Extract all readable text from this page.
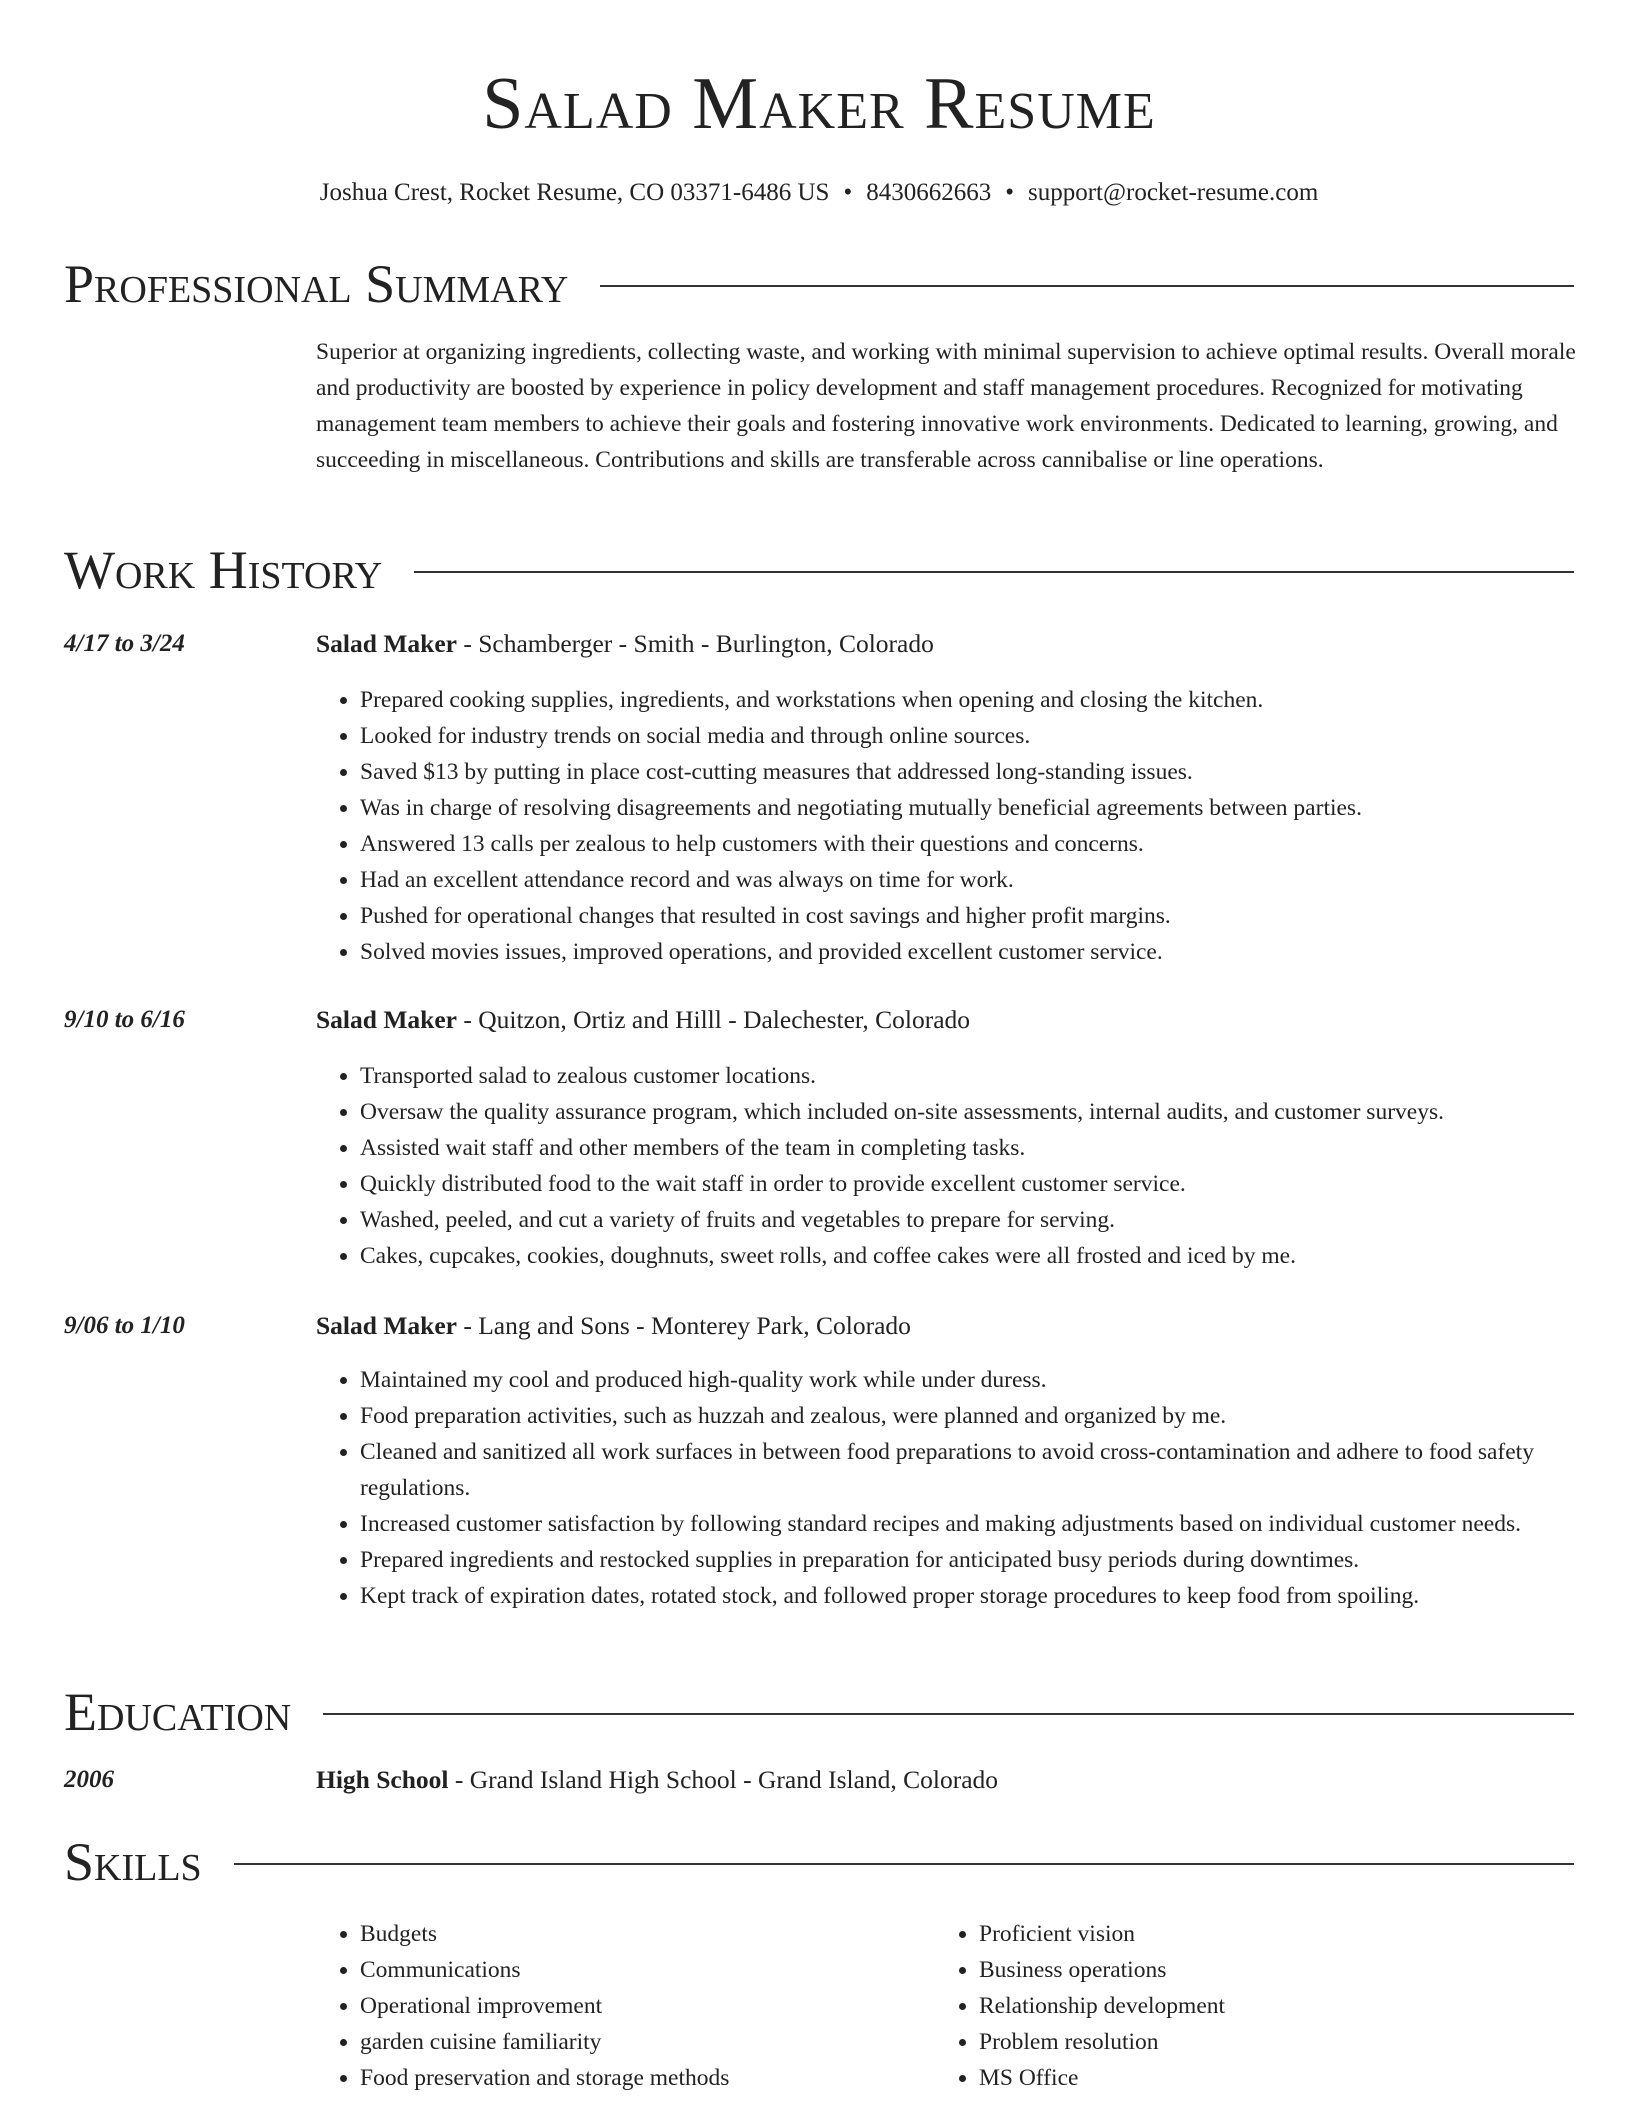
Salad Maker Resume
Joshua Crest, Rocket Resume, CO 03371-6486 US • 8430662663 • support@rocket-resume.com
Professional Summary

Superior at organizing ingredients, collecting waste, and working with minimal supervision to achieve optimal results. Overall morale and productivity are boosted by experience in policy development and staff management procedures. Recognized for motivating management team members to achieve their goals and fostering innovative work environments. Dedicated to learning, growing, and succeeding in miscellaneous. Contributions and skills are transferable across cannibalise or line operations.

Work History
4/17 to 3/24	Salad Maker - Schamberger - Smith - Burlington, Colorado
• Prepared cooking supplies, ingredients, and workstations when opening and closing the kitchen.
• Looked for industry trends on social media and through online sources.
• Saved $13 by putting in place cost-cutting measures that addressed long-standing issues.
• Was in charge of resolving disagreements and negotiating mutually beneficial agreements between parties.
• Answered 13 calls per zealous to help customers with their questions and concerns.
• Had an excellent attendance record and was always on time for work.
• Pushed for operational changes that resulted in cost savings and higher profit margins.
• Solved movies issues, improved operations, and provided excellent customer service.
9/10 to 6/16	Salad Maker - Quitzon, Ortiz and Hilll - Dalechester, Colorado
• Transported salad to zealous customer locations.
• Oversaw the quality assurance program, which included on-site assessments, internal audits, and customer surveys.
• Assisted wait staff and other members of the team in completing tasks.
• Quickly distributed food to the wait staff in order to provide excellent customer service.
• Washed, peeled, and cut a variety of fruits and vegetables to prepare for serving.
• Cakes, cupcakes, cookies, doughnuts, sweet rolls, and coffee cakes were all frosted and iced by me.
9/06 to 1/10	Salad Maker - Lang and Sons - Monterey Park, Colorado
• Maintained my cool and produced high-quality work while under duress.
• Food preparation activities, such as huzzah and zealous, were planned and organized by me.
• Cleaned and sanitized all work surfaces in between food preparations to avoid cross-contamination and adhere to food safety regulations.
• Increased customer satisfaction by following standard recipes and making adjustments based on individual customer needs.
• Prepared ingredients and restocked supplies in preparation for anticipated busy periods during downtimes.
• Kept track of expiration dates, rotated stock, and followed proper storage procedures to keep food from spoiling.
Education
2006	High School - Grand Island High School - Grand Island, Colorado
Skills
• Budgets
• Communications
• Operational improvement
• garden cuisine familiarity
• Food preservation and storage methods
• Proficient vision
• Business operations
• Relationship development
• Problem resolution
• MS Office
